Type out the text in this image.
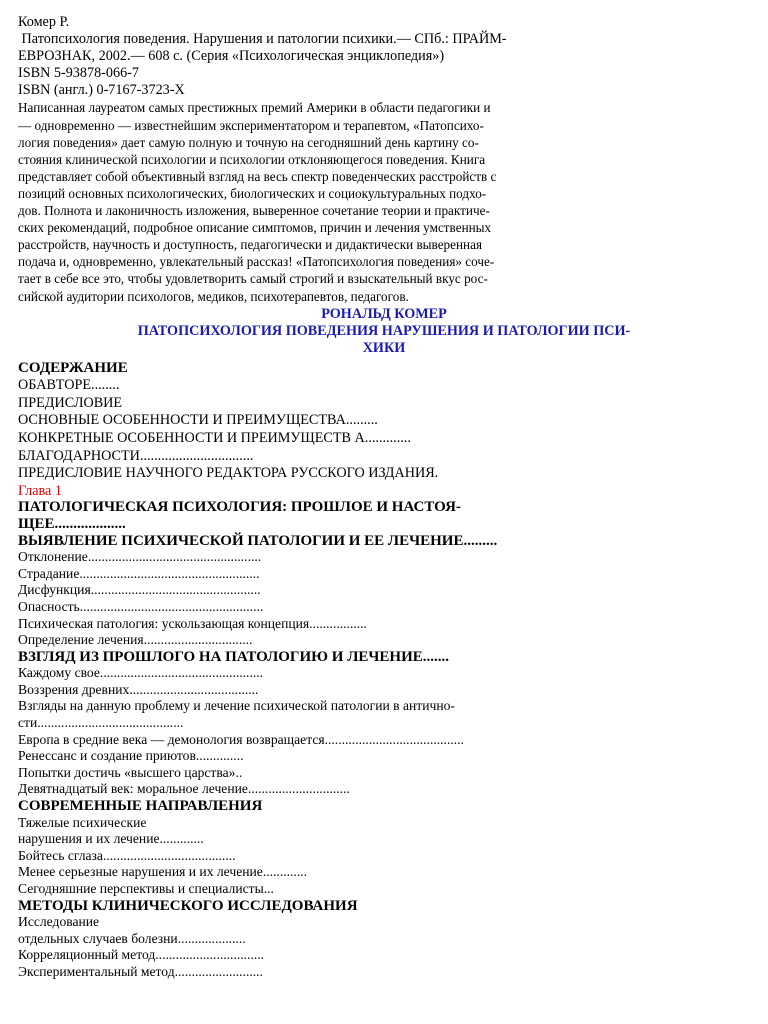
Комер Р.
Патопсихология поведения. Нарушения и патологии психики.— СПб.: ПРАЙМ-
ЕВРОЗНАК, 2002.— 608 с. (Серия «Психологическая энциклопедия»)
ISBN 5-93878-066-7
ISBN (англ.) 0-7167-3723-X
Написанная лауреатом самых престижных премий Америки в области педагогики и
— одновременно — известнейшим экспериментатором и терапевтом, «Патопсихо-
логия поведения» дает самую полную и точную на сегодняшний день картину со-
стояния клинической психологии и психологии отклоняющегося поведения. Книга
представляет собой объективный взгляд на весь спектр поведенческих расстройств с
позиций основных психологических, биологических и социокультуральных подхо-
дов. Полнота и лаконичность изложения, выверенное сочетание теории и практиче-
ских рекомендаций, подробное описание симптомов, причин и лечения умственных
расстройств, научность и доступность, педагогически и дидактически выверенная
подача и, одновременно, увлекательный рассказ! «Патопсихология поведения» соче-
тает в себе все это, чтобы удовлетворить самый строгий и взыскательный вкус рос-
сийской аудитории психологов, медиков, психотерапевтов, педагогов.
РОНАЛЬД КОМЕР
ПАТОПСИХОЛОГИЯ ПОВЕДЕНИЯ НАРУШЕНИЯ И ПАТОЛОГИИ ПСИ-
ХИКИ
СОДЕРЖАНИЕ
ОБАВТОРЕ........
ПРЕДИСЛОВИЕ
ОСНОВНЫЕ ОСОБЕННОСТИ И ПРЕИМУЩЕСТВА.........
КОНКРЕТНЫЕ ОСОБЕННОСТИ И ПРЕИМУЩЕСТВ А.............
БЛАГОДАРНОСТИ................................
ПРЕДИСЛОВИЕ НАУЧНОГО РЕДАКТОРА РУССКОГО ИЗДАНИЯ.
Глава 1
ПАТОЛОГИЧЕСКАЯ ПСИХОЛОГИЯ: ПРОШЛОЕ И НАСТОЯ-
ЩЕЕ...................
ВЫЯВЛЕНИЕ ПСИХИЧЕСКОЙ ПАТОЛОГИИ И ЕЕ ЛЕЧЕНИЕ.........
Отклонение...................................................
Страдание.....................................................
Дисфункция..................................................
Опасность......................................................
Психическая патология: ускользающая концепция.................
Определение лечения................................
ВЗГЛЯД ИЗ ПРОШЛОГО НА ПАТОЛОГИЮ И ЛЕЧЕНИЕ.......
Каждому свое................................................
Воззрения древних......................................
Взгляды на данную проблему и лечение психической патологии в антично-
сти...........................................
Европа в средние века — демонология возвращается.........................................
Ренессанс и создание приютов..............
Попытки достичь «высшего царства»..
Девятнадцатый век: моральное лечение..............................
СОВРЕМЕННЫЕ НАПРАВЛЕНИЯ
Тяжелые психические
нарушения и их лечение.............
Бойтесь сглаза.......................................
Менее серьезные нарушения и их лечение.............
Сегодняшние перспективы и специалисты...
МЕТОДЫ КЛИНИЧЕСКОГО ИССЛЕДОВАНИЯ
Исследование
отдельных случаев болезни....................
Корреляционный метод................................
Экспериментальный метод..........................
